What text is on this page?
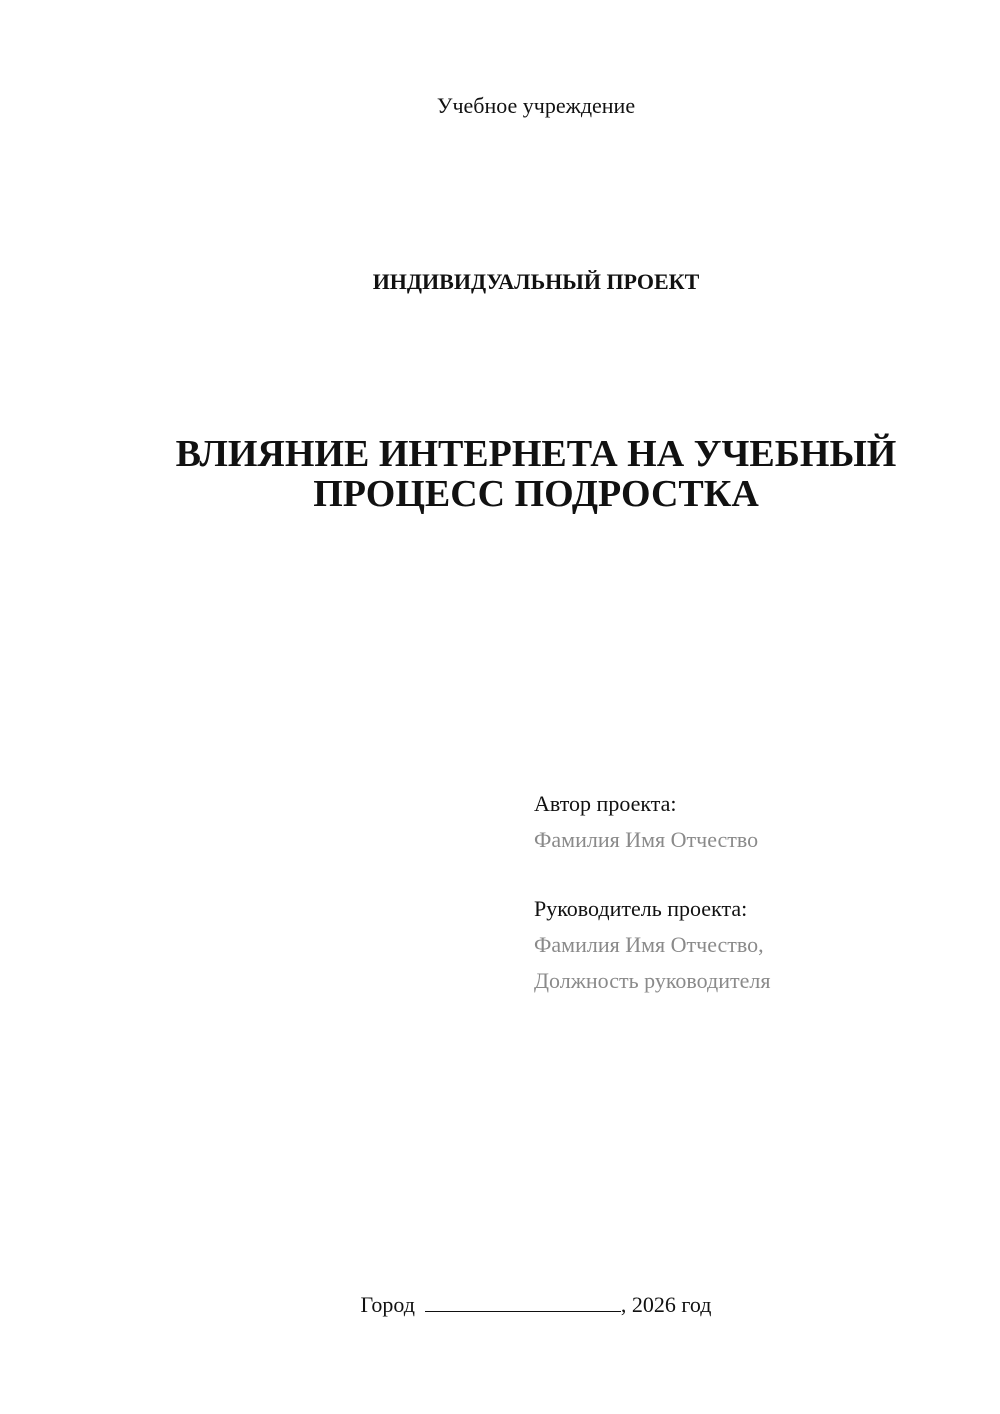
Учебное учреждение
ИНДИВИДУАЛЬНЫЙ ПРОЕКТ
ВЛИЯНИЕ ИНТЕРНЕТА НА УЧЕБНЫЙ
ПРОЦЕСС ПОДРОСТКА
Автор проекта:
Фамилия Имя Отчество
Руководитель проекта:
Фамилия Имя Отчество,
Должность руководителя
Город	, 2026 год
